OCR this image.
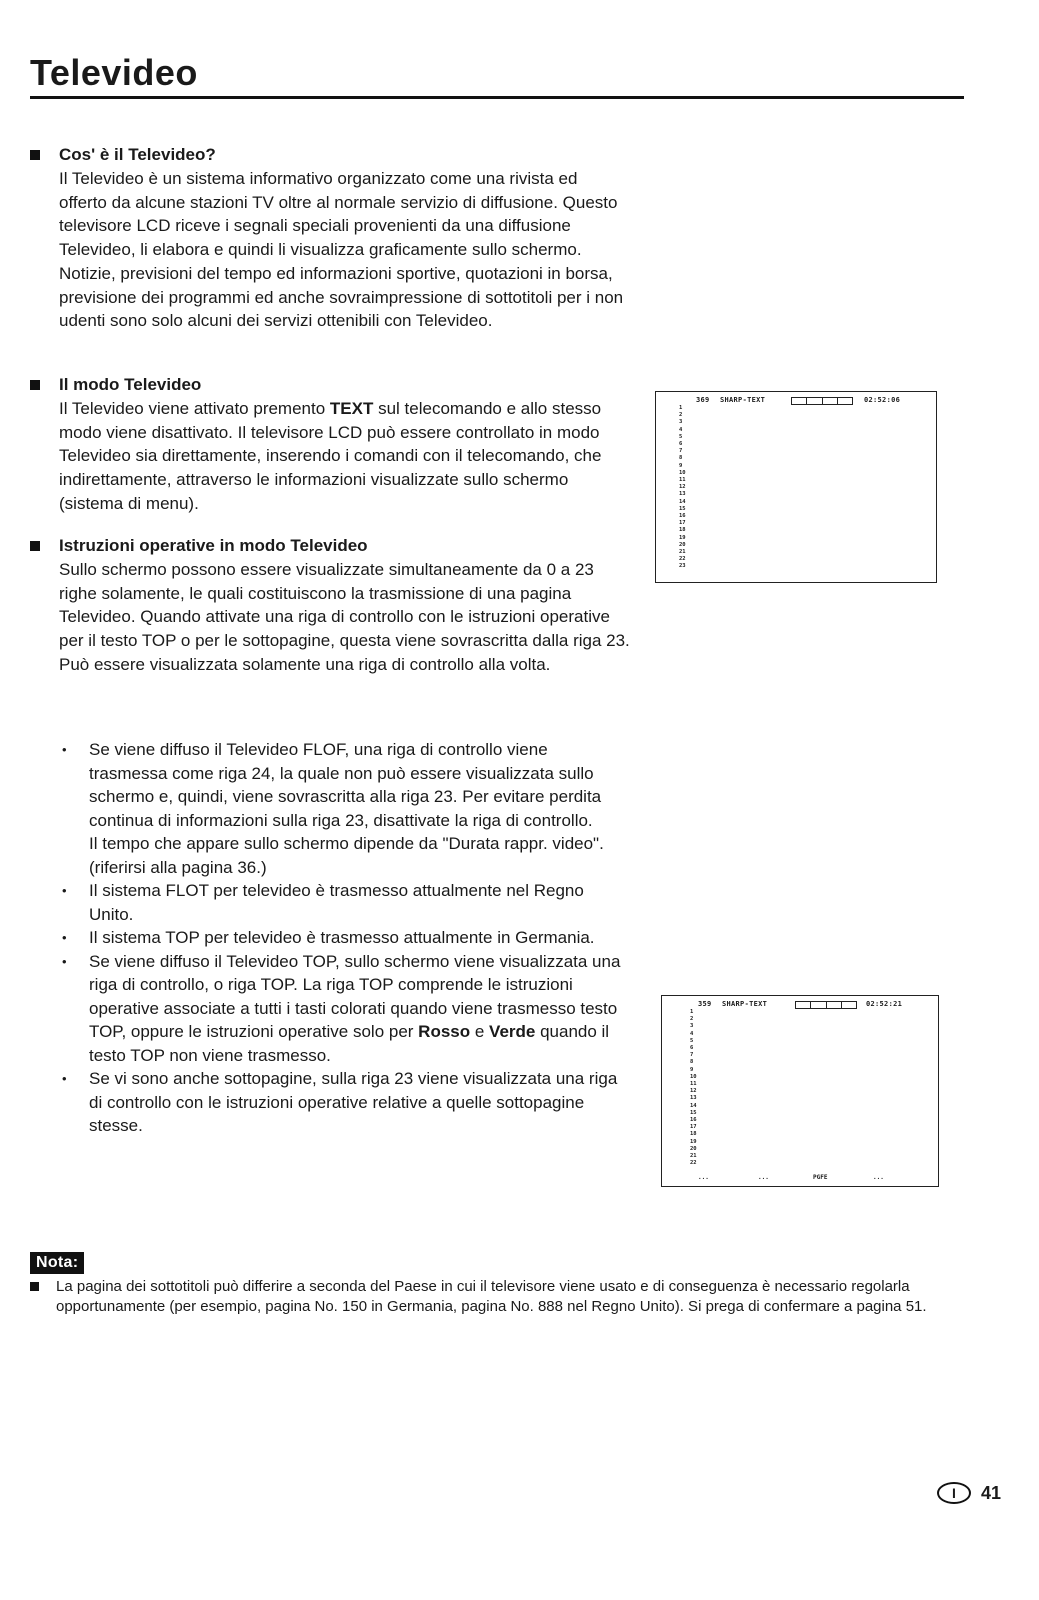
Televideo
Cos' è il Televideo?

Il Televideo è un sistema informativo organizzato come una rivista ed offerto da alcune stazioni TV oltre al normale servizio di diffusione. Questo televisore LCD riceve i segnali speciali provenienti da una diffusione Televideo, li elabora e quindi li visualizza graficamente sullo schermo. Notizie, previsioni del tempo ed informazioni sportive, quotazioni in borsa, previsione dei programmi ed anche sovraimpressione di sottotitoli per i non udenti sono solo alcuni dei servizi ottenibili con Televideo.

Il modo Televideo

Il Televideo viene attivato premento TEXT sul telecomando e allo stesso modo viene disattivato. Il televisore LCD può essere controllato in modo Televideo sia direttamente, inserendo i comandi con il telecomando, che indirettamente, attraverso le informazioni visualizzate sullo schermo (sistema di menu).

Istruzioni operative in modo Televideo

Sullo schermo possono essere visualizzate simultaneamente da 0 a 23 righe solamente, le quali costituiscono la trasmissione di una pagina Televideo. Quando attivate una riga di controllo con le istruzioni operative per il testo TOP o per le sottopagine, questa viene sovrascritta dalla riga 23. Può essere visualizzata solamente una riga di controllo alla volta.

• Se viene diffuso il Televideo FLOF, una riga di controllo viene trasmessa come riga 24, la quale non può essere visualizzata sullo schermo e, quindi, viene sovrascritta alla riga 23. Per evitare perdita continua di informazioni sulla riga 23, disattivate la riga di controllo.
Il tempo che appare sullo schermo dipende da "Durata rappr. video". (riferirsi alla pagina 36.)
• Il sistema FLOT per televideo è trasmesso attualmente nel Regno Unito.
• Il sistema TOP per televideo è trasmesso attualmente in Germania.
• Se viene diffuso il Televideo TOP, sullo schermo viene visualizzata una riga di controllo, o riga TOP. La riga TOP comprende le istruzioni operative associate a tutti i tasti colorati quando viene trasmesso testo TOP, oppure le istruzioni operative solo per Rosso e Verde quando il testo TOP non viene trasmesso.
• Se vi sono anche sottopagine, sulla riga 23 viene visualizzata una riga di controllo con le istruzioni operative relative a quelle sottopagine stesse.
369 SHARP-TEXT	02:52:06
1
2
3
4
5
6
7
8
9
10
11
12
13
14
15
16
17
18
19
20
21
22
23
359 SHARP-TEXT	02:52:21
1
2
3
4
5
6
7
8
9
10
11
12
13
14
15
16
17
18
19
20
21
22
...	...	PGFE	...
Nota:
La pagina dei sottotitoli può differire a seconda del Paese in cui il televisore viene usato e di conseguenza è necessario regolarla opportunamente (per esempio, pagina No. 150 in Germania, pagina No. 888 nel Regno Unito). Si prega di confermare a pagina 51.
I	41
